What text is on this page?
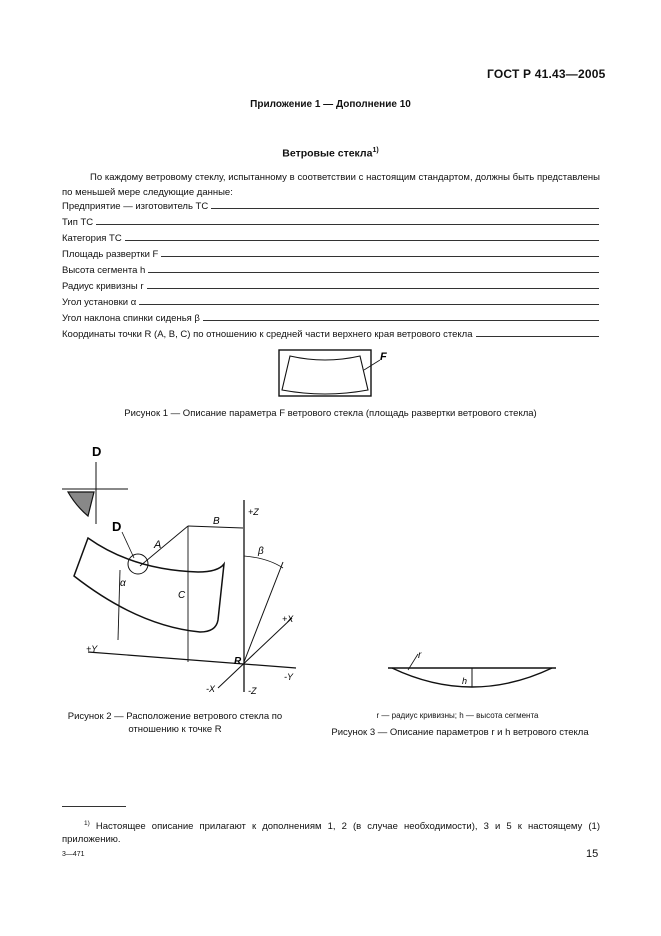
ГОСТ Р 41.43—2005
Приложение 1 — Дополнение 10
Ветровые стекла$^{1)}$
По каждому ветровому стеклу, испытанному в соответствии с настоящим стандартом, должны быть представлены по меньшей мере следующие данные:
Предприятие — изготовитель ТС
Тип ТС
Категория ТС
Площадь развертки F
Высота сегмента h
Радиус кривизны r
Угол установки α
Угол наклона спинки сиденья β
Координаты точки R (A, B, C) по отношению к средней части верхнего края ветрового стекла
F
Рисунок 1 — Описание параметра F ветрового стекла (площадь развертки ветрового стекла)
D
D
A
B
C
α
+Z
-Z
β
+Y
-Y
+X
-X
R
Рисунок 2 — Расположение ветрового стекла по
отношению к точке R
r
h
r — радиус кривизны; h — высота сегмента
Рисунок 3 — Описание параметров r и h ветрового стекла
$^{1)}$ Настоящее описание прилагают к дополнениям 1, 2 (в случае необходимости), 3 и 5 к настоящему (1) приложению.
3—471	15
